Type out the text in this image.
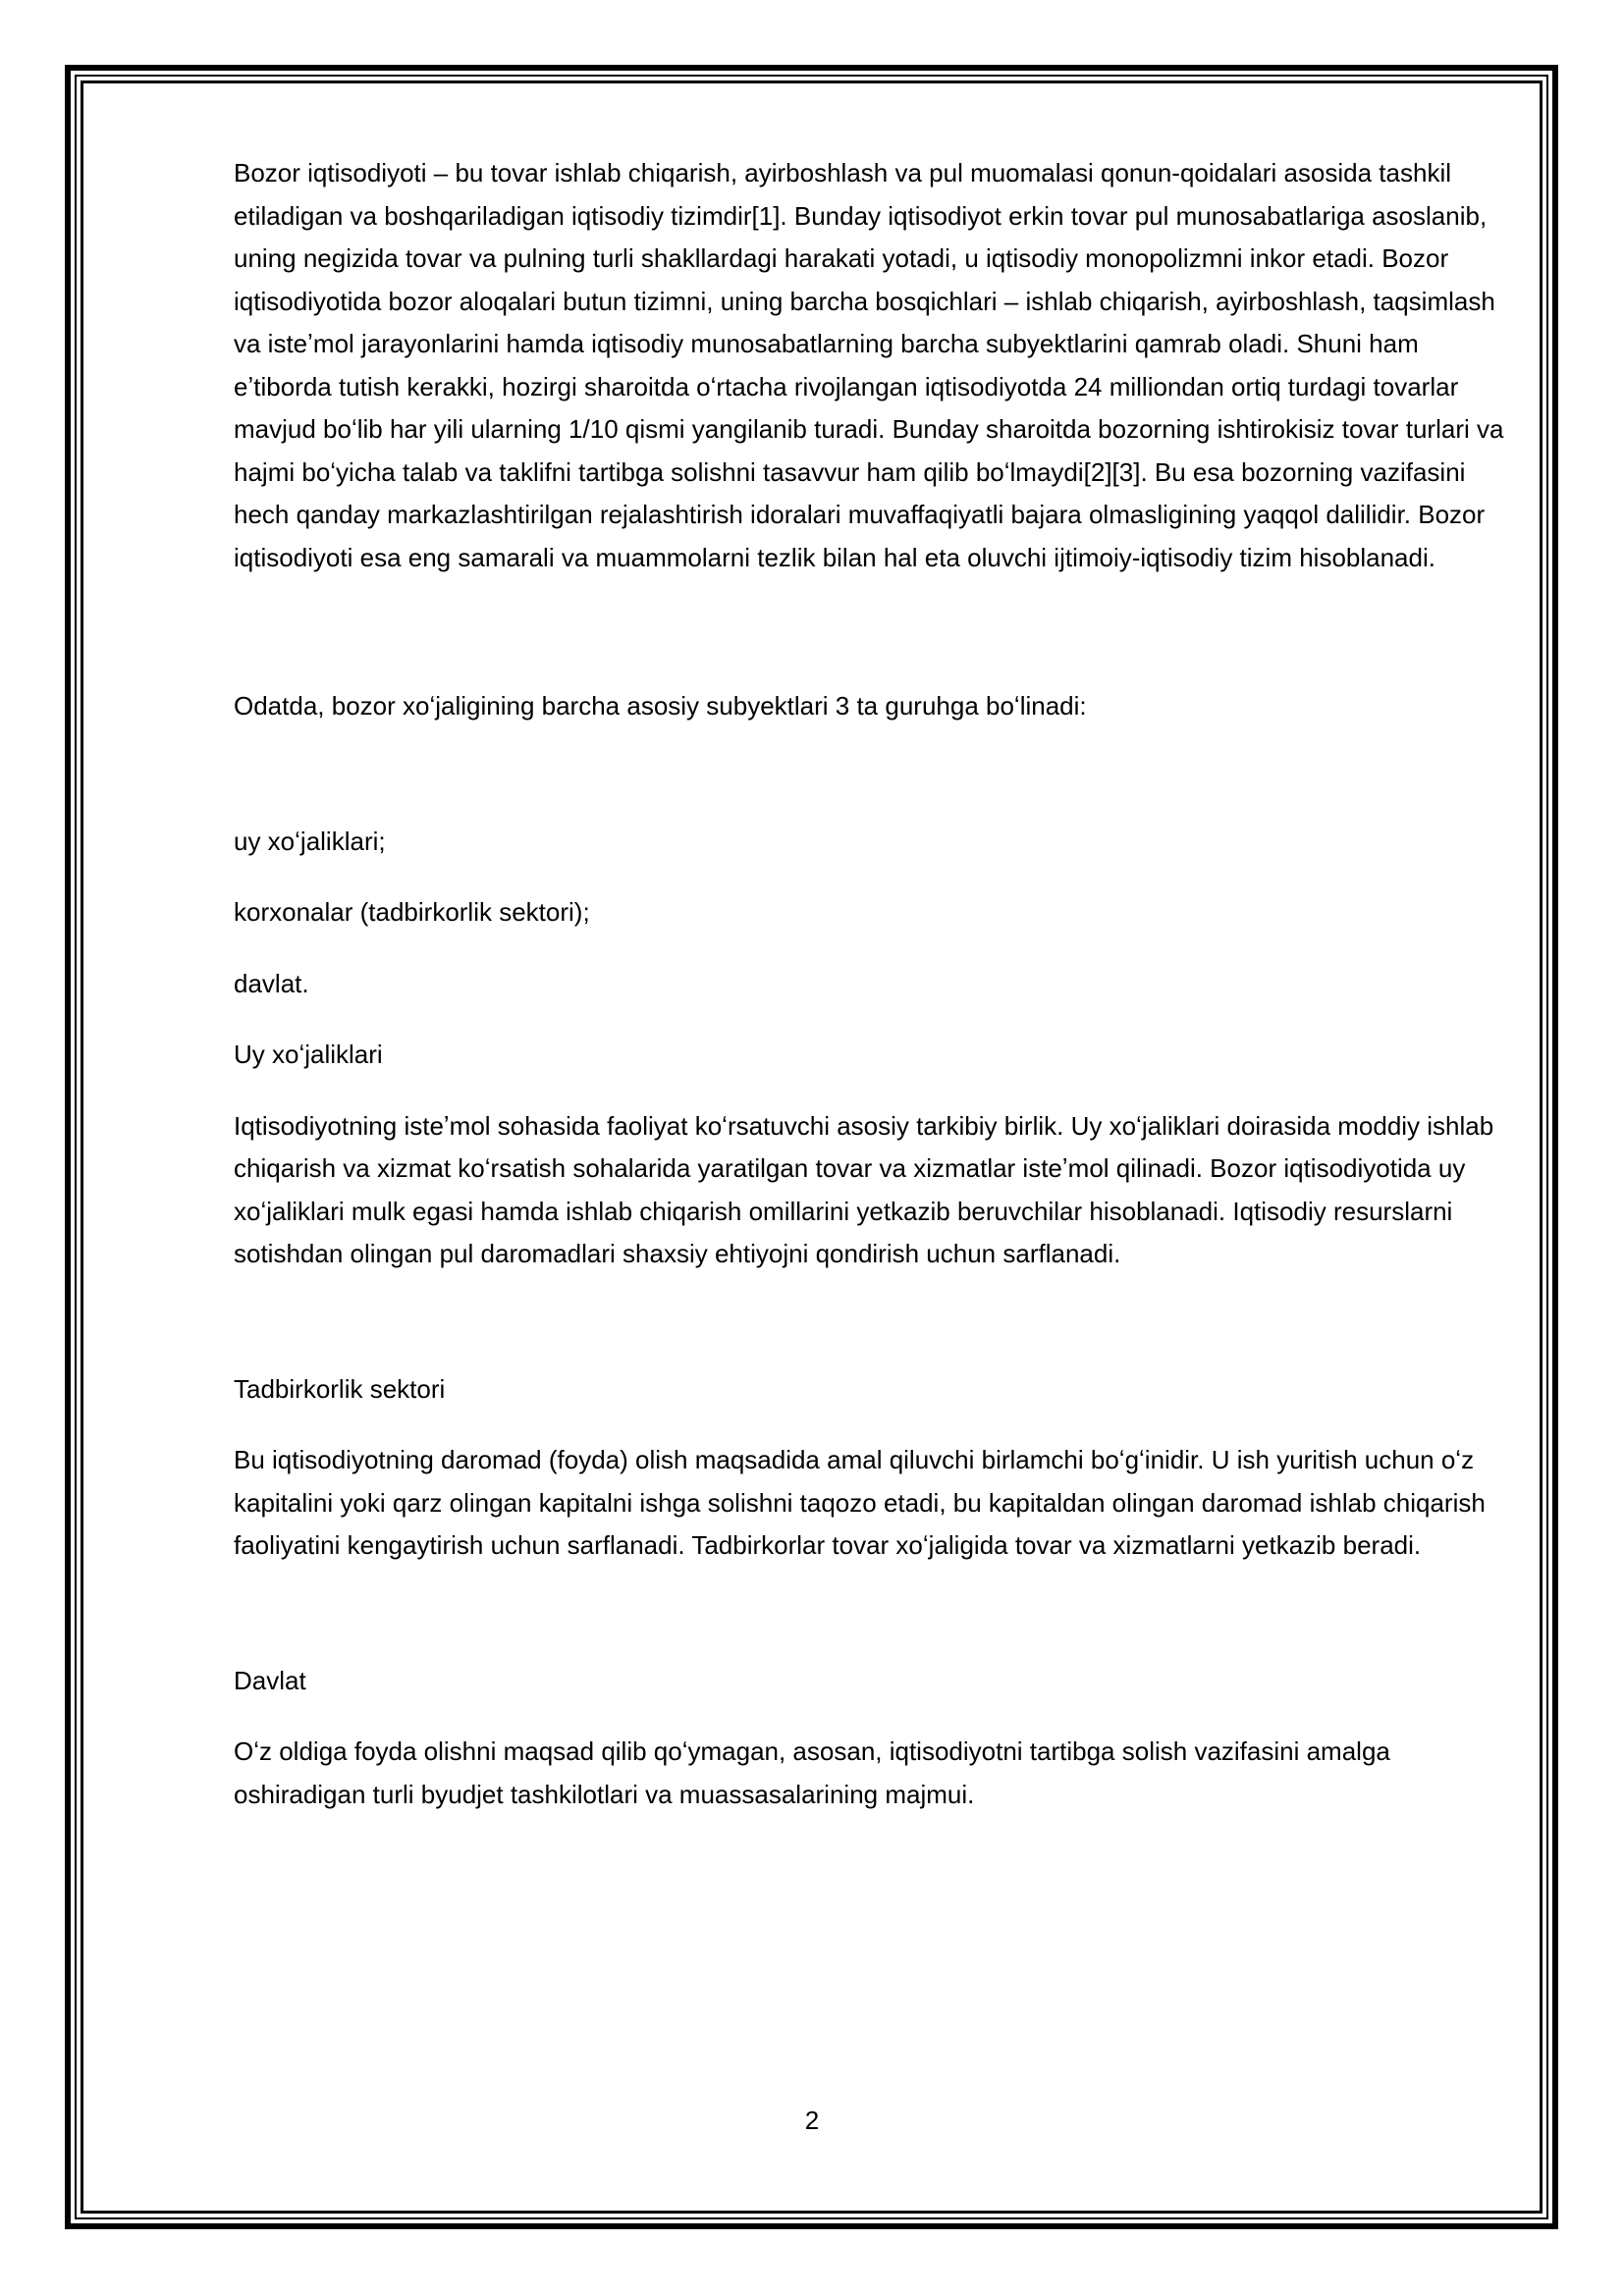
Bozor iqtisodiyoti – bu tovar ishlab chiqarish, ayirboshlash va pul muomalasi qonun-qoidalari asosida tashkil etiladigan va boshqariladigan iqtisodiy tizimdir[1]. Bunday iqtisodiyot erkin tovar pul munosabatlariga asoslanib, uning negizida tovar va pulning turli shakllardagi harakati yotadi, u iqtisodiy monopolizmni inkor etadi. Bozor iqtisodiyotida bozor aloqalari butun tizimni, uning barcha bosqichlari – ishlab chiqarish, ayirboshlash, taqsimlash va isteʼmol jarayonlarini hamda iqtisodiy munosabatlarning barcha subyektlarini qamrab oladi. Shuni ham eʼtiborda tutish kerakki, hozirgi sharoitda oʻrtacha rivojlangan iqtisodiyotda 24 milliondan ortiq turdagi tovarlar mavjud boʻlib har yili ularning 1/10 qismi yangilanib turadi. Bunday sharoitda bozorning ishtirokisiz tovar turlari va hajmi boʻyicha talab va taklifni tartibga solishni tasavvur ham qilib boʻlmaydi[2][3]. Bu esa bozorning vazifasini hech qanday markazlashtirilgan rejalashtirish idoralari muvaffaqiyatli bajara olmasligining yaqqol dalilidir. Bozor iqtisodiyoti esa eng samarali va muammolarni tezlik bilan hal eta oluvchi ijtimoiy-iqtisodiy tizim hisoblanadi.

Odatda, bozor xoʻjaligining barcha asosiy subyektlari 3 ta guruhga boʻlinadi:

uy xoʻjaliklari;

korxonalar (tadbirkorlik sektori);

davlat.

Uy xoʻjaliklari

Iqtisodiyotning isteʼmol sohasida faoliyat koʻrsatuvchi asosiy tarkibiy birlik. Uy xoʻjaliklari doirasida moddiy ishlab chiqarish va xizmat koʻrsatish sohalarida yaratilgan tovar va xizmatlar isteʼmol qilinadi. Bozor iqtisodiyotida uy xoʻjaliklari mulk egasi hamda ishlab chiqarish omillarini yetkazib beruvchilar hisoblanadi. Iqtisodiy resurslarni sotishdan olingan pul daromadlari shaxsiy ehtiyojni qondirish uchun sarflanadi.

Tadbirkorlik sektori

Bu iqtisodiyotning daromad (foyda) olish maqsadida amal qiluvchi birlamchi boʻgʻinidir. U ish yuritish uchun oʻz kapitalini yoki qarz olingan kapitalni ishga solishni taqozo etadi, bu kapitaldan olingan daromad ishlab chiqarish faoliyatini kengaytirish uchun sarflanadi. Tadbirkorlar tovar xoʻjaligida tovar va xizmatlarni yetkazib beradi.

Davlat

Oʻz oldiga foyda olishni maqsad qilib qoʻymagan, asosan, iqtisodiyotni tartibga solish vazifasini amalga oshiradigan turli byudjet tashkilotlari va muassasalarining majmui.

2
